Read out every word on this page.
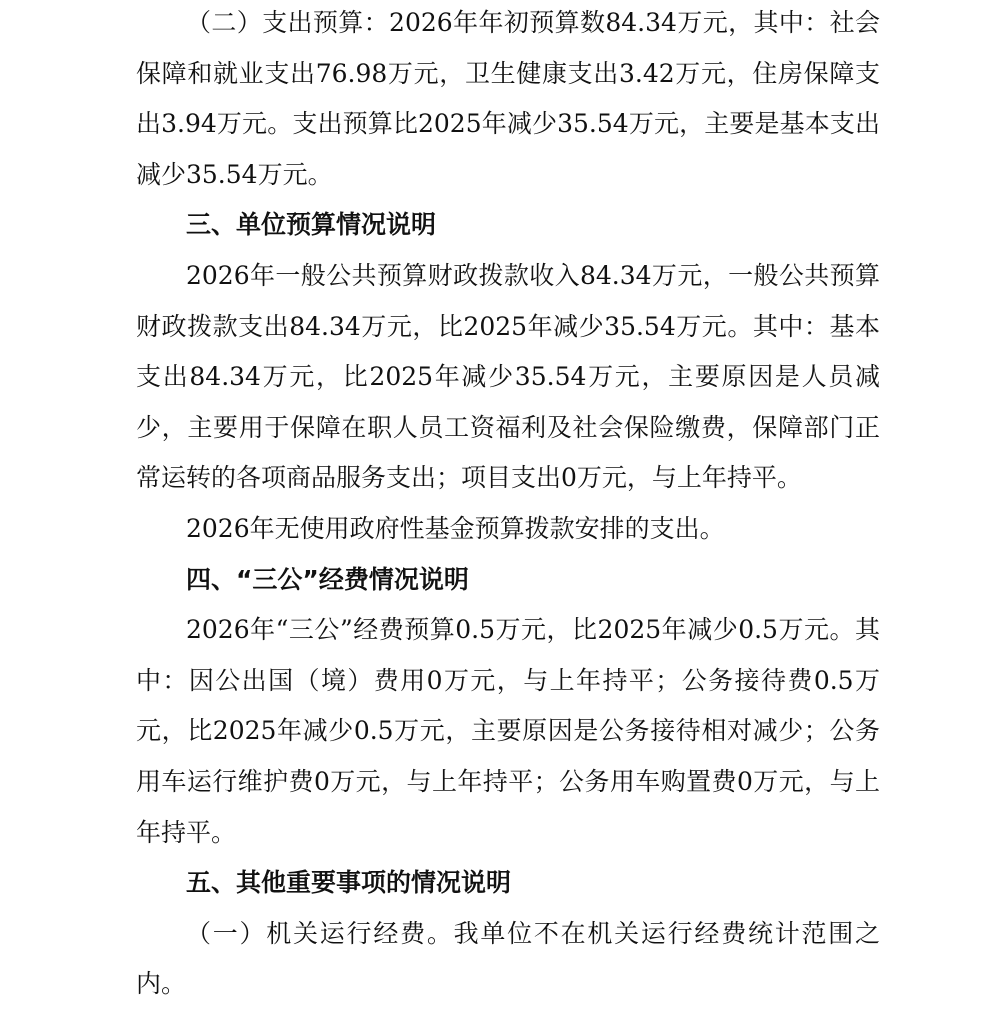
（二）支出预算：2026年年初预算数84.34万元，其中：社会保障和就业支出76.98万元，卫生健康支出3.42万元，住房保障支出3.94万元。支出预算比2025年减少35.54万元，主要是基本支出减少35.54万元。

三、单位预算情况说明

2026年一般公共预算财政拨款收入84.34万元，一般公共预算财政拨款支出84.34万元，比2025年减少35.54万元。其中：基本支出84.34万元，比2025年减少35.54万元，主要原因是人员减少，主要用于保障在职人员工资福利及社会保险缴费，保障部门正常运转的各项商品服务支出；项目支出0万元，与上年持平。

2026年无使用政府性基金预算拨款安排的支出。

四、“三公”经费情况说明

2026年“三公”经费预算0.5万元，比2025年减少0.5万元。其中：因公出国（境）费用0万元，与上年持平；公务接待费0.5万元，比2025年减少0.5万元，主要原因是公务接待相对减少；公务用车运行维护费0万元，与上年持平；公务用车购置费0万元，与上年持平。

五、其他重要事项的情况说明

（一）机关运行经费。我单位不在机关运行经费统计范围之内。
